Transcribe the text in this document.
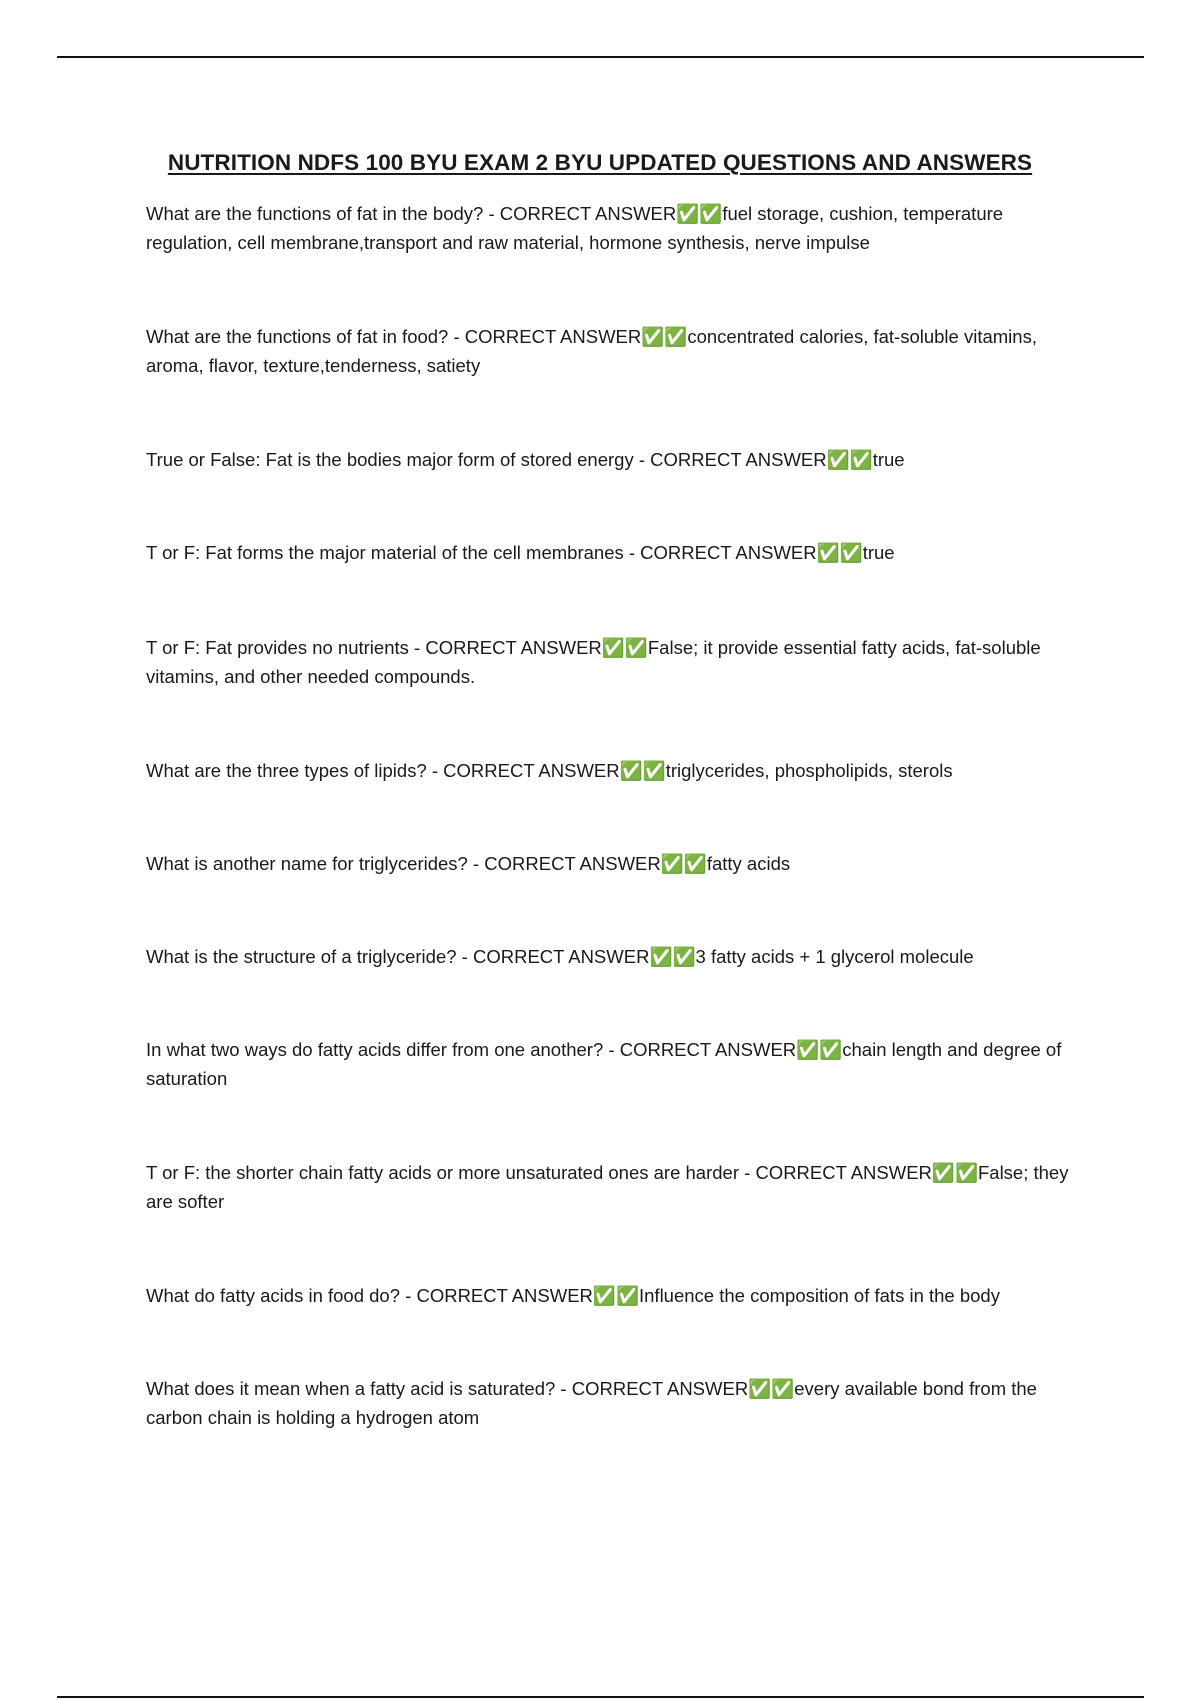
NUTRITION NDFS 100 BYU EXAM 2 BYU UPDATED QUESTIONS AND ANSWERS

What are the functions of fat in the body? - CORRECT ANSWER✅✅fuel storage, cushion, temperature regulation, cell membrane,transport and raw material, hormone synthesis, nerve impulse

What are the functions of fat in food? - CORRECT ANSWER✅✅concentrated calories, fat-soluble vitamins, aroma, flavor, texture,tenderness, satiety

True or False: Fat is the bodies major form of stored energy - CORRECT ANSWER✅✅true

T or F: Fat forms the major material of the cell membranes - CORRECT ANSWER✅✅true

T or F: Fat provides no nutrients - CORRECT ANSWER✅✅False; it provide essential fatty acids, fat-soluble vitamins, and other needed compounds.

What are the three types of lipids? - CORRECT ANSWER✅✅triglycerides, phospholipids, sterols

What is another name for triglycerides? - CORRECT ANSWER✅✅fatty acids

What is the structure of a triglyceride? - CORRECT ANSWER✅✅3 fatty acids + 1 glycerol molecule

In what two ways do fatty acids differ from one another? - CORRECT ANSWER✅✅chain length and degree of saturation

T or F: the shorter chain fatty acids or more unsaturated ones are harder - CORRECT ANSWER✅✅False; they are softer

What do fatty acids in food do? - CORRECT ANSWER✅✅Influence the composition of fats in the body

What does it mean when a fatty acid is saturated? - CORRECT ANSWER✅✅every available bond from the carbon chain is holding a hydrogen atom
